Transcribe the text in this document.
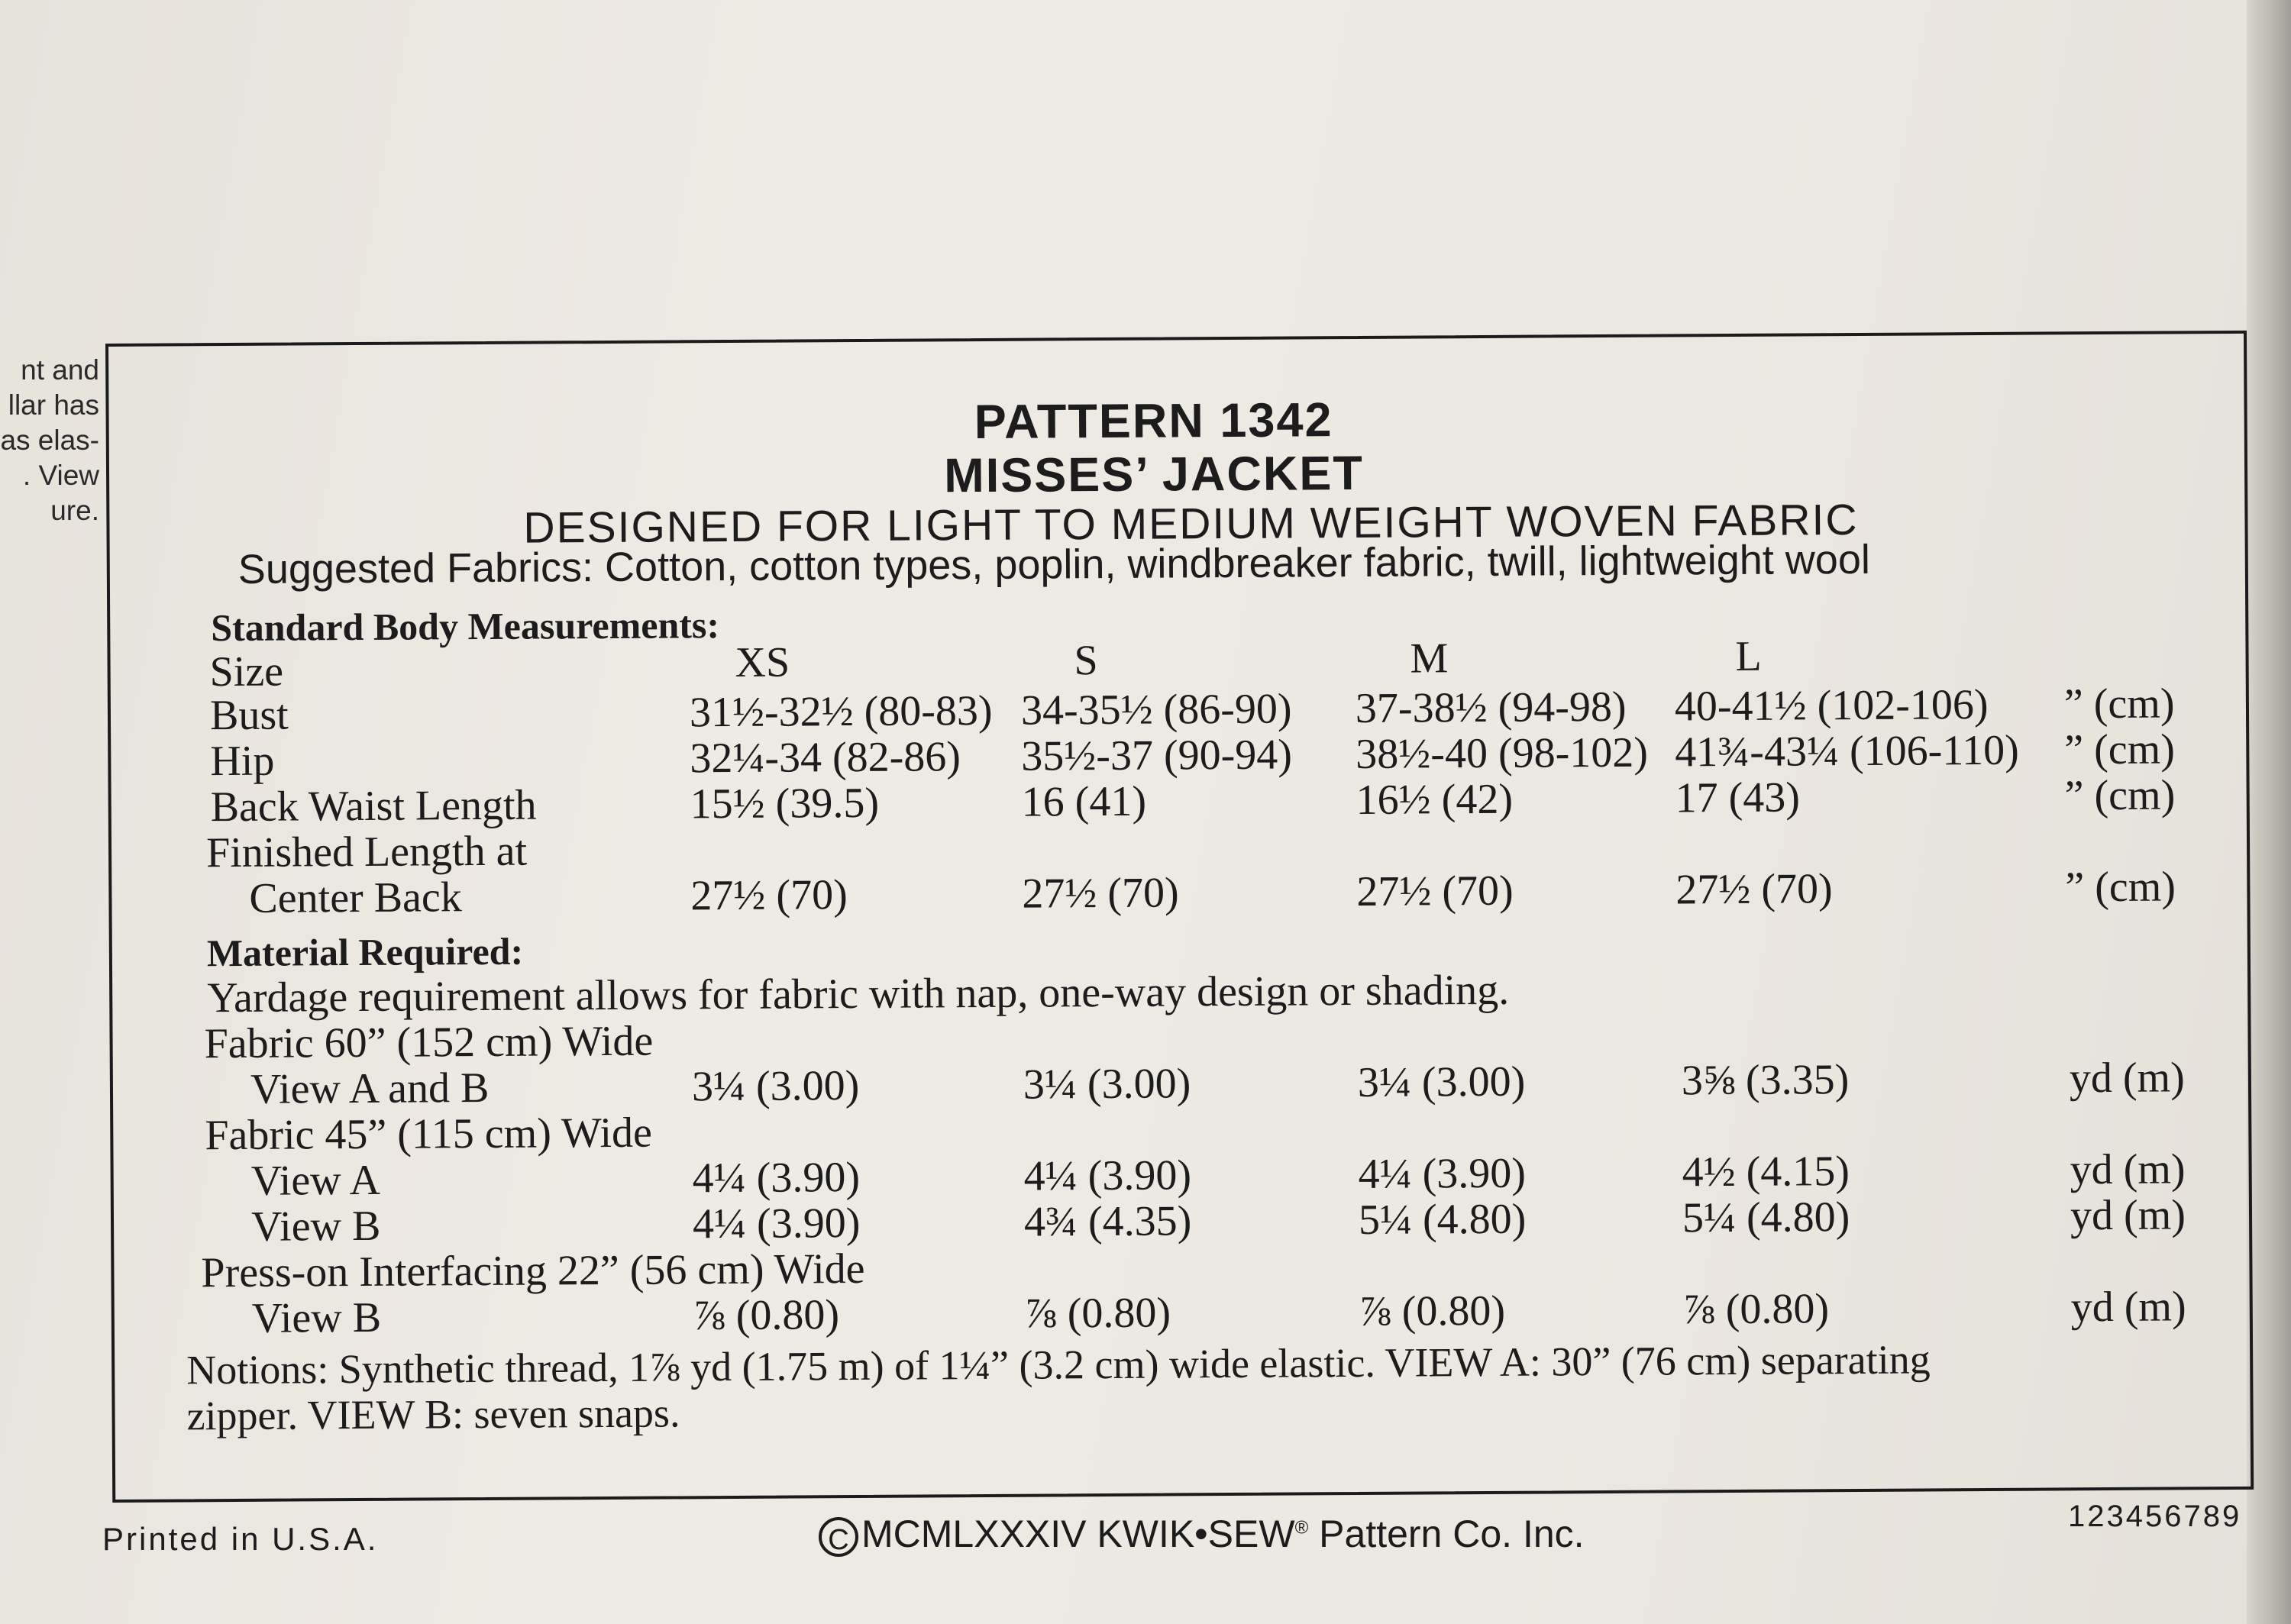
nt and
llar has
as elas-
. View
ure.
PATTERN 1342
MISSES’ JACKET
DESIGNED FOR LIGHT TO MEDIUM WEIGHT WOVEN FABRIC
Suggested Fabrics: Cotton, cotton types, poplin, windbreaker fabric, twill, lightweight wool
Standard Body Measurements:
Size	XS	S	M	L
Bust	31½-32½ (80-83) 34-35½ (86-90) 37-38½ (94-98) 40-41½ (102-106) ” (cm)
Hip	32¼-34 (82-86) 35½-37 (90-94) 38½-40 (98-102) 41¾-43¼ (106-110) ” (cm)
Back Waist Length	15½ (39.5)	16 (41)	16½ (42)	17 (43)	” (cm)
Finished Length at
Center Back	27½ (70)	27½ (70)	27½ (70)	27½ (70)	” (cm)
Material Required:
Yardage requirement allows for fabric with nap, one-way design or shading.
Fabric 60” (152 cm) Wide
View A and B	3¼ (3.00)	3¼ (3.00)	3¼ (3.00)	3⅝ (3.35)	yd (m)
Fabric 45” (115 cm) Wide
View A	4¼ (3.90)	4¼ (3.90)	4¼ (3.90)	4½ (4.15)	yd (m)
View B	4¼ (3.90)	4¾ (4.35)	5¼ (4.80)	5¼ (4.80)	yd (m)
Press-on Interfacing 22” (56 cm) Wide
View B	⅞ (0.80)	⅞ (0.80)	⅞ (0.80)	⅞ (0.80)	yd (m)
Notions: Synthetic thread, 1⅞ yd (1.75 m) of 1¼” (3.2 cm) wide elastic. VIEW A: 30” (76 cm) separating
zipper. VIEW B: seven snaps.
Printed in U.S.A.	C MCMLXXXIV KWIK•SEW® Pattern Co. Inc.	123456789
